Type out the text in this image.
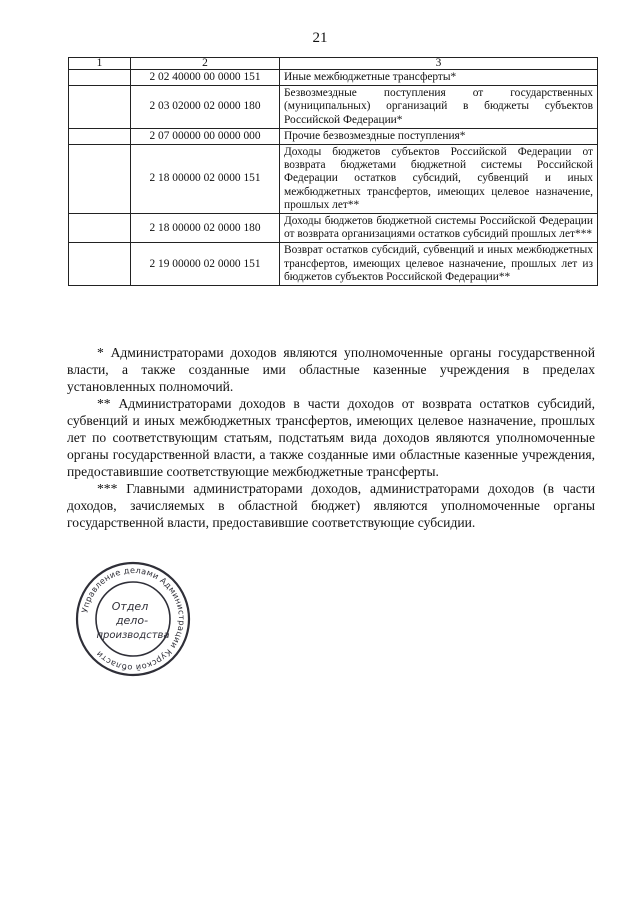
21
1	2	3
	2 02 40000 00 0000 151	Иные межбюджетные трансферты*
	2 03 02000 02 0000 180	Безвозмездные поступления от государственных (муниципальных) организаций в бюджеты субъектов Российской Федерации*
	2 07 00000 00 0000 000	Прочие безвозмездные поступления*
	2 18 00000 02 0000 151	Доходы бюджетов субъектов Российской Федерации от возврата бюджетами бюджетной системы Российской Федерации остатков субсидий, субвенций и иных межбюджетных трансфертов, имеющих целевое назначение, прошлых лет**
	2 18 00000 02 0000 180	Доходы бюджетов бюджетной системы Российской Федерации от возврата организациями остатков субсидий прошлых лет***
	2 19 00000 02 0000 151	Возврат остатков субсидий, субвенций и иных межбюджетных трансфертов, имеющих целевое назначение, прошлых лет из бюджетов субъектов Российской Федерации**

* Администраторами доходов являются уполномоченные органы государственной власти, а также созданные ими областные казенные учреждения в пределах установленных полномочий.

** Администраторами доходов в части доходов от возврата остатков субсидий, субвенций и иных межбюджетных трансфертов, имеющих целевое назначение, прошлых лет по соответствующим статьям, подстатьям вида доходов являются уполномоченные органы государственной власти, а также созданные ими областные казенные учреждения, предоставившие соответствующие межбюджетные трансферты.

*** Главными администраторами доходов, администраторами доходов (в части доходов, зачисляемых в областной бюджет) являются уполномоченные органы государственной власти, предоставившие соответствующие субсидии.

Управление делами Администрации Курской области
Отдел
дело-
производства
